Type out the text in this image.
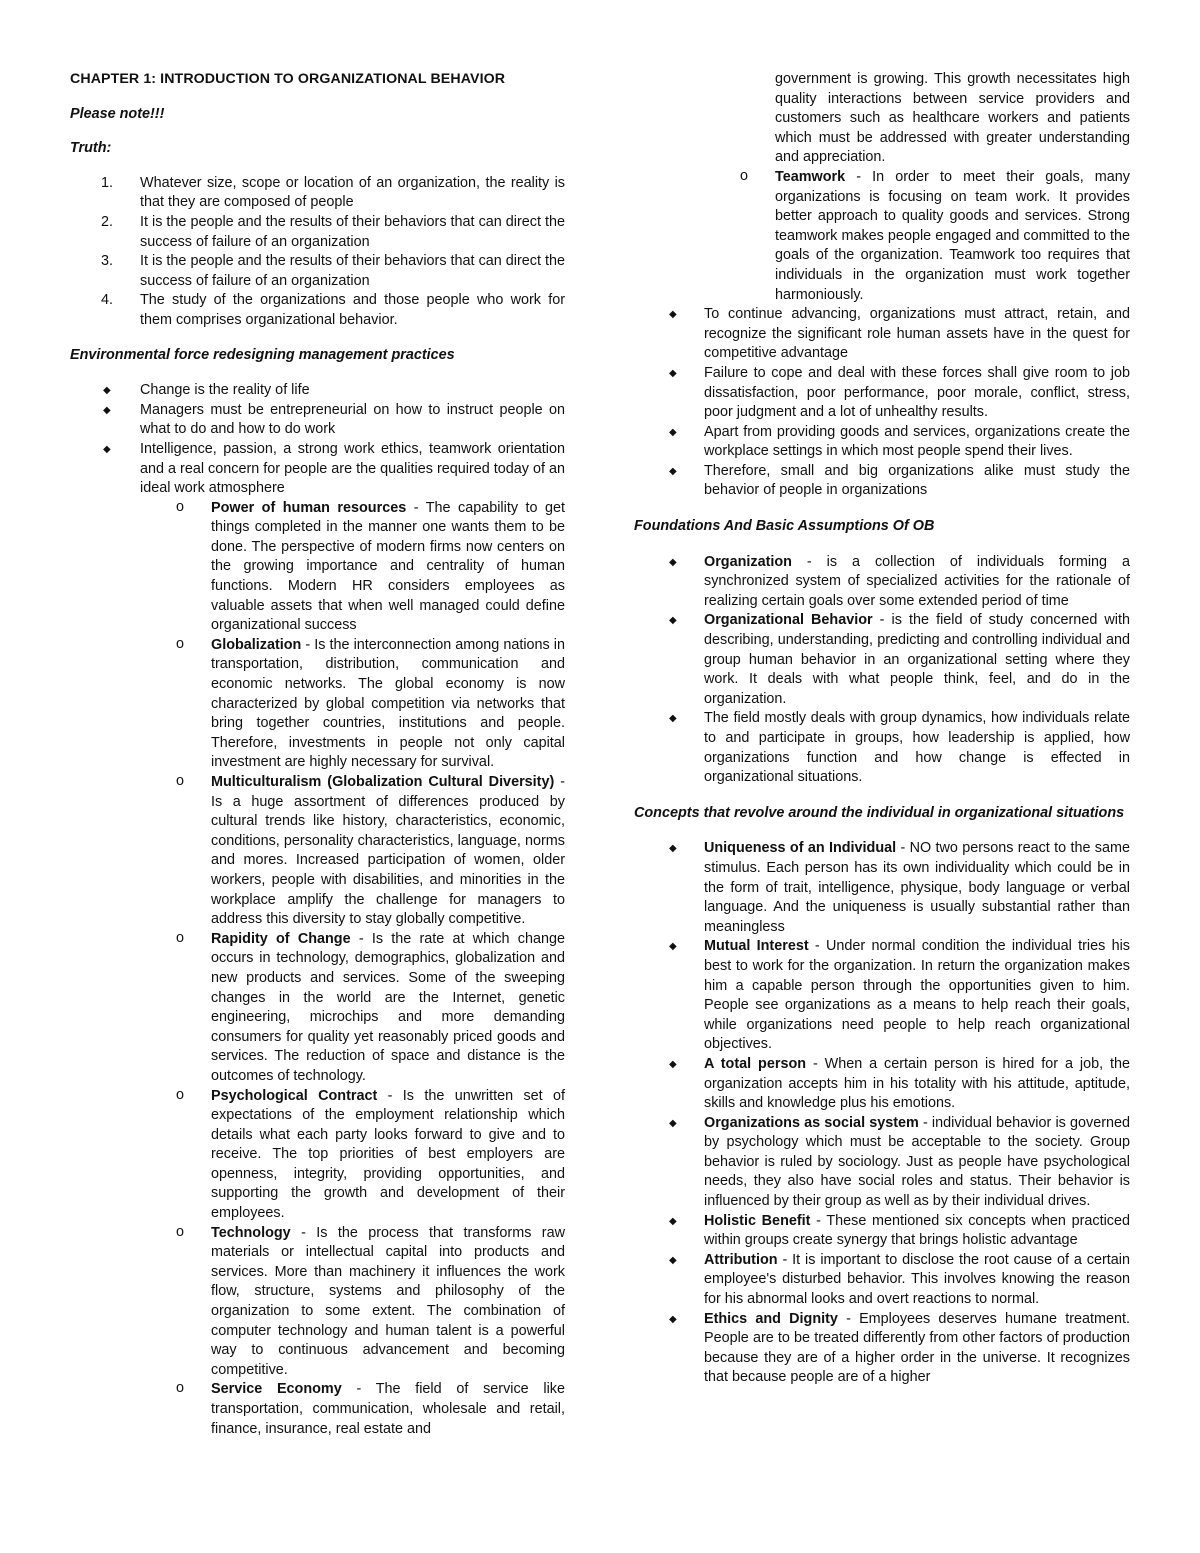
CHAPTER 1: INTRODUCTION TO ORGANIZATIONAL BEHAVIOR

Please note!!!

Truth:

1. Whatever size, scope or location of an organization, the reality is that they are composed of people
2. It is the people and the results of their behaviors that can direct the success of failure of an organization
3. It is the people and the results of their behaviors that can direct the success of failure of an organization
4. The study of the organizations and those people who work for them comprises organizational behavior.

Environmental force redesigning management practices

◆ Change is the reality of life
◆ Managers must be entrepreneurial on how to instruct people on what to do and how to do work
◆ Intelligence, passion, a strong work ethics, teamwork orientation and a real concern for people are the qualities required today of an ideal work atmosphere
o Power of human resources - The capability to get things completed in the manner one wants them to be done. The perspective of modern firms now centers on the growing importance and centrality of human functions. Modern HR considers employees as valuable assets that when well managed could define organizational success
o Globalization - Is the interconnection among nations in transportation, distribution, communication and economic networks. The global economy is now characterized by global competition via networks that bring together countries, institutions and people. Therefore, investments in people not only capital investment are highly necessary for survival.
o Multiculturalism (Globalization Cultural Diversity) - Is a huge assortment of differences produced by cultural trends like history, characteristics, economic, conditions, personality characteristics, language, norms and mores. Increased participation of women, older workers, people with disabilities, and minorities in the workplace amplify the challenge for managers to address this diversity to stay globally competitive.
o Rapidity of Change - Is the rate at which change occurs in technology, demographics, globalization and new products and services. Some of the sweeping changes in the world are the Internet, genetic engineering, microchips and more demanding consumers for quality yet reasonably priced goods and services. The reduction of space and distance is the outcomes of technology.
o Psychological Contract - Is the unwritten set of expectations of the employment relationship which details what each party looks forward to give and to receive. The top priorities of best employers are openness, integrity, providing opportunities, and supporting the growth and development of their employees.
o Technology - Is the process that transforms raw materials or intellectual capital into products and services. More than machinery it influences the work flow, structure, systems and philosophy of the organization to some extent. The combination of computer technology and human talent is a powerful way to continuous advancement and becoming competitive.
o Service Economy - The field of service like transportation, communication, wholesale and retail, finance, insurance, real estate and

government is growing. This growth necessitates high quality interactions between service providers and customers such as healthcare workers and patients which must be addressed with greater understanding and appreciation.

o Teamwork - In order to meet their goals, many organizations is focusing on team work. It provides better approach to quality goods and services. Strong teamwork makes people engaged and committed to the goals of the organization. Teamwork too requires that individuals in the organization must work together harmoniously.
◆ To continue advancing, organizations must attract, retain, and recognize the significant role human assets have in the quest for competitive advantage
◆ Failure to cope and deal with these forces shall give room to job dissatisfaction, poor performance, poor morale, conflict, stress, poor judgment and a lot of unhealthy results.
◆ Apart from providing goods and services, organizations create the workplace settings in which most people spend their lives.
◆ Therefore, small and big organizations alike must study the behavior of people in organizations

Foundations And Basic Assumptions Of OB

◆ Organization - is a collection of individuals forming a synchronized system of specialized activities for the rationale of realizing certain goals over some extended period of time
◆ Organizational Behavior - is the field of study concerned with describing, understanding, predicting and controlling individual and group human behavior in an organizational setting where they work. It deals with what people think, feel, and do in the organization.
◆ The field mostly deals with group dynamics, how individuals relate to and participate in groups, how leadership is applied, how organizations function and how change is effected in organizational situations.

Concepts that revolve around the individual in organizational situations

◆ Uniqueness of an Individual - NO two persons react to the same stimulus. Each person has its own individuality which could be in the form of trait, intelligence, physique, body language or verbal language. And the uniqueness is usually substantial rather than meaningless
◆ Mutual Interest - Under normal condition the individual tries his best to work for the organization. In return the organization makes him a capable person through the opportunities given to him. People see organizations as a means to help reach their goals, while organizations need people to help reach organizational objectives.
◆ A total person - When a certain person is hired for a job, the organization accepts him in his totality with his attitude, aptitude, skills and knowledge plus his emotions.
◆ Organizations as social system - individual behavior is governed by psychology which must be acceptable to the society. Group behavior is ruled by sociology. Just as people have psychological needs, they also have social roles and status. Their behavior is influenced by their group as well as by their individual drives.
◆ Holistic Benefit - These mentioned six concepts when practiced within groups create synergy that brings holistic advantage
◆ Attribution - It is important to disclose the root cause of a certain employee's disturbed behavior. This involves knowing the reason for his abnormal looks and overt reactions to normal.
◆ Ethics and Dignity - Employees deserves humane treatment. People are to be treated differently from other factors of production because they are of a higher order in the universe. It recognizes that because people are of a higher
